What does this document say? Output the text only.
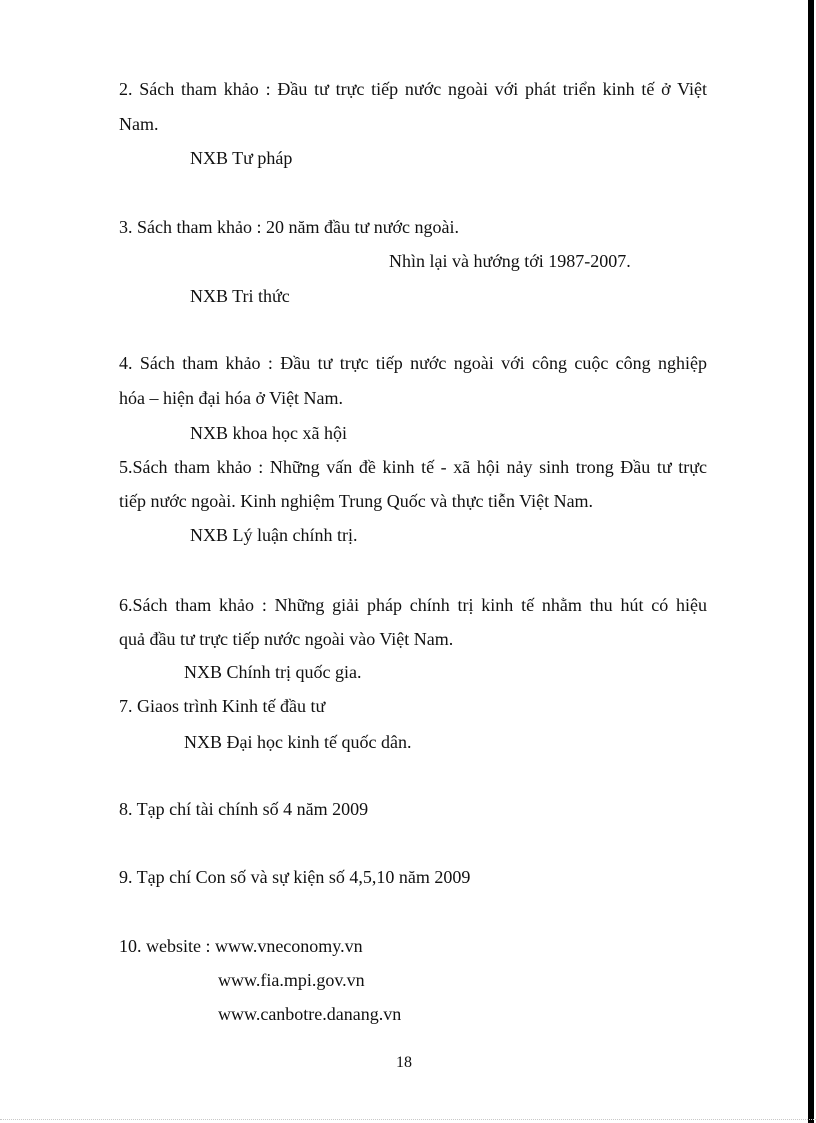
2. Sách tham khảo : Đầu tư trực tiếp nước ngoài với phát triển kinh tế ở Việt
Nam.
NXB Tư pháp
3. Sách tham khảo : 20 năm đầu tư nước ngoài.
Nhìn lại và hướng tới 1987-2007.
NXB Tri thức
4. Sách tham khảo : Đầu tư trực tiếp nước ngoài với công cuộc công nghiệp
hóa – hiện đại hóa ở Việt Nam.
NXB khoa học xã hội
5.Sách tham khảo : Những vấn đề kinh tế - xã hội nảy sinh trong Đầu tư trực
tiếp nước ngoài. Kinh nghiệm Trung Quốc và thực tiễn Việt Nam.
NXB Lý luận chính trị.
6.Sách tham khảo : Những giải pháp chính trị kinh tế nhằm thu hút có hiệu
quả đầu tư trực tiếp nước ngoài vào Việt Nam.
NXB Chính trị quốc gia.
7. Giaos trình Kinh tế đầu tư
NXB Đại học kinh tế quốc dân.
8. Tạp chí tài chính số 4 năm 2009
9. Tạp chí Con số và sự kiện số 4,5,10 năm 2009
10. website : www.vneconomy.vn
www.fia.mpi.gov.vn
www.canbotre.danang.vn
18
